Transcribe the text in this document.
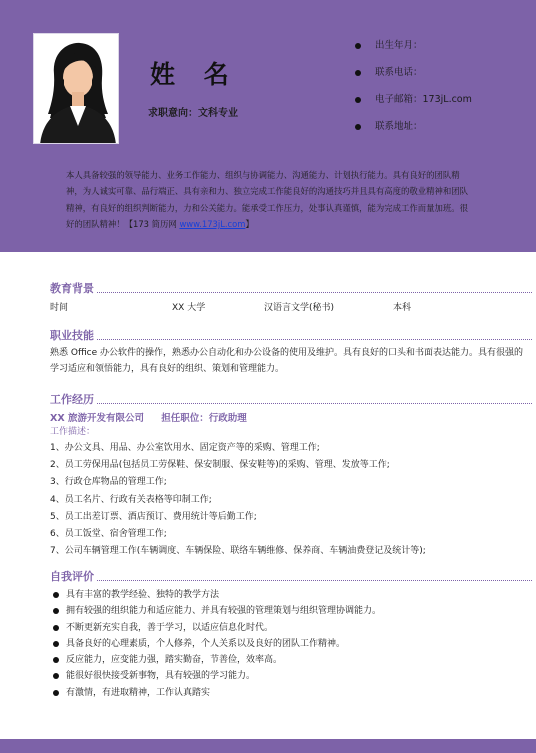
姓 名
求职意向：文科专业
出生年月：
联系电话：
电子邮箱：173jL.com
联系地址：
本人具备较强的领导能力、业务工作能力、组织与协调能力、沟通能力、计划执行能力。具有良好的团队精神，为人诚实可靠、品行端正、具有亲和力、独立完成工作能良好的沟通技巧并且具有高度的敬业精神和团队精神，有良好的组织判断能力，力和公关能力。能承受工作压力，处事认真谨慎，能为完成工作而量加班。很好的团队精神！【173 简历网 www.173jL.com】
教育背景
时间	XX 大学	汉语言文学(秘书)	本科
职业技能
熟悉 Office 办公软件的操作，熟悉办公自动化和办公设备的使用及维护。具有良好的口头和书面表达能力。具有很强的学习适应和领悟能力，具有良好的组织、策划和管理能力。
工作经历
XX 旅游开发有限公司 担任职位：行政助理
工作描述：
1、办公文具、用品、办公室饮用水、固定资产等的采购、管理工作;
2、员工劳保用品(包括员工劳保鞋、保安制服、保安鞋等)的采购、管理、发放等工作;
3、行政仓库物品的管理工作;
4、员工名片、行政有关表格等印制工作;
5、员工出差订票、酒店预订、费用统计等后勤工作;
6、员工饭堂、宿舍管理工作;
7、公司车辆管理工作(车辆调度、车辆保险、联络车辆维修、保养商、车辆油费登记及统计等);
自我评价
具有丰富的教学经验、独特的教学方法
拥有较强的组织能力和适应能力、并具有较强的管理策划与组织管理协调能力。
不断更新充实自我，善于学习，以适应信息化时代。
具备良好的心理素质，个人修养，个人关系以及良好的团队工作精神。
反应能力，应变能力强，踏实勤奋，节善俭，效率高。
能很好很快接受新事物，具有较强的学习能力。
有激情，有进取精神，工作认真踏实
